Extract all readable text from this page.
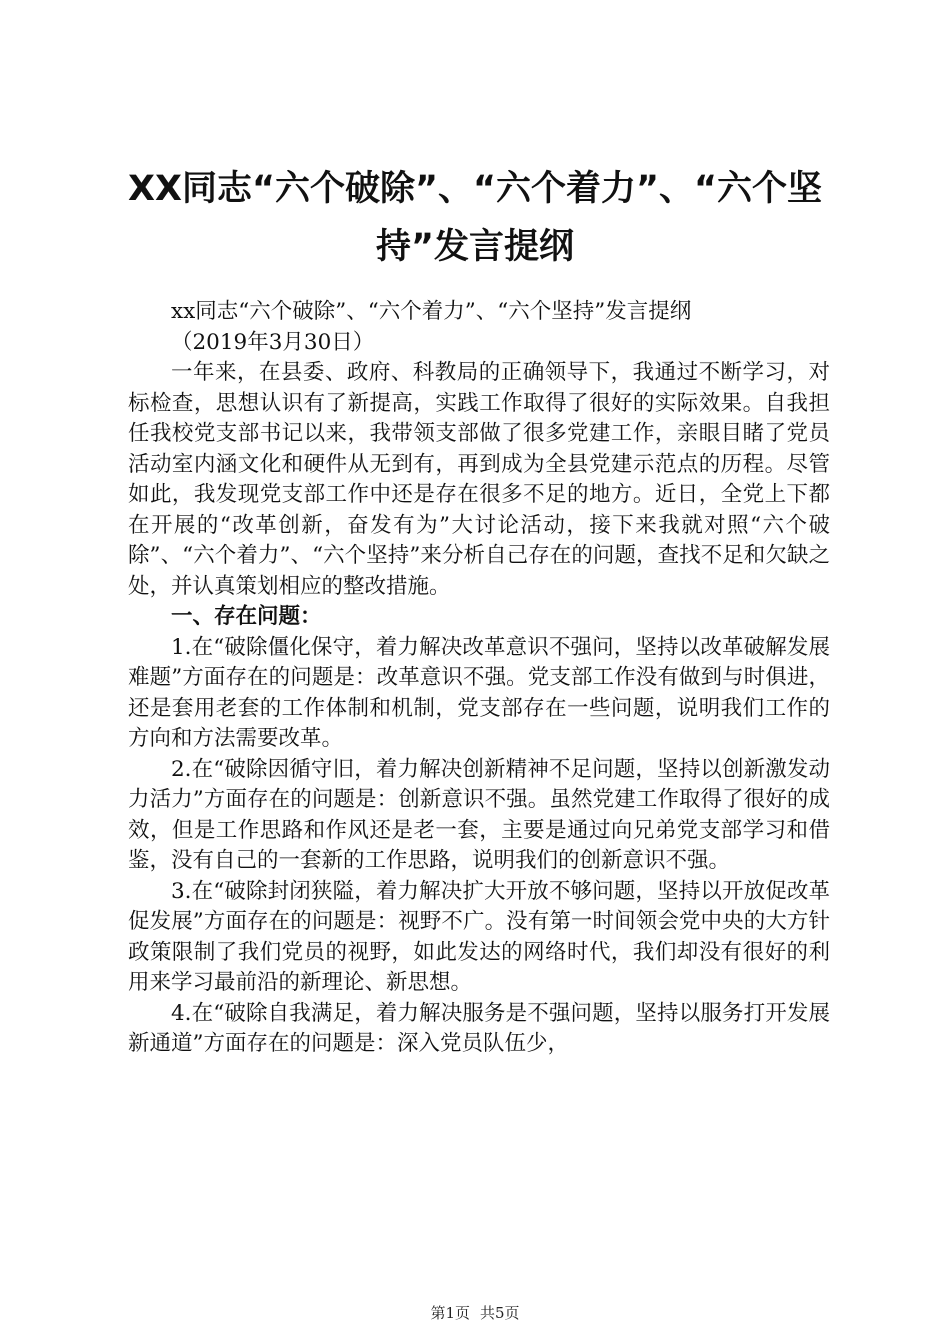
XX同志“六个破除”、“六个着力”、“六个坚持”发言提纲

xx同志“六个破除”、“六个着力”、“六个坚持”发言提纲

（2019年3月30日）

一年来，在县委、政府、科教局的正确领导下，我通过不断学习，对标检查，思想认识有了新提高，实践工作取得了很好的实际效果。自我担任我校党支部书记以来，我带领支部做了很多党建工作，亲眼目睹了党员活动室内涵文化和硬件从无到有，再到成为全县党建示范点的历程。尽管如此，我发现党支部工作中还是存在很多不足的地方。近日，全党上下都在开展的“改革创新，奋发有为”大讨论活动，接下来我就对照“六个破除”、“六个着力”、“六个坚持”来分析自己存在的问题，查找不足和欠缺之处，并认真策划相应的整改措施。

一、存在问题：

1.在“破除僵化保守，着力解决改革意识不强问，坚持以改革破解发展难题”方面存在的问题是：改革意识不强。党支部工作没有做到与时俱进，还是套用老套的工作体制和机制，党支部存在一些问题，说明我们工作的方向和方法需要改革。

2.在“破除因循守旧，着力解决创新精神不足问题，坚持以创新激发动力活力”方面存在的问题是：创新意识不强。虽然党建工作取得了很好的成效，但是工作思路和作风还是老一套，主要是通过向兄弟党支部学习和借鉴，没有自己的一套新的工作思路，说明我们的创新意识不强。

3.在“破除封闭狭隘，着力解决扩大开放不够问题，坚持以开放促改革促发展”方面存在的问题是：视野不广。没有第一时间领会党中央的大方针政策限制了我们党员的视野，如此发达的网络时代，我们却没有很好的利用来学习最前沿的新理论、新思想。

4.在“破除自我满足，着力解决服务是不强问题，坚持以服务打开发展新通道”方面存在的问题是：深入党员队伍少，

第1页 共5页
